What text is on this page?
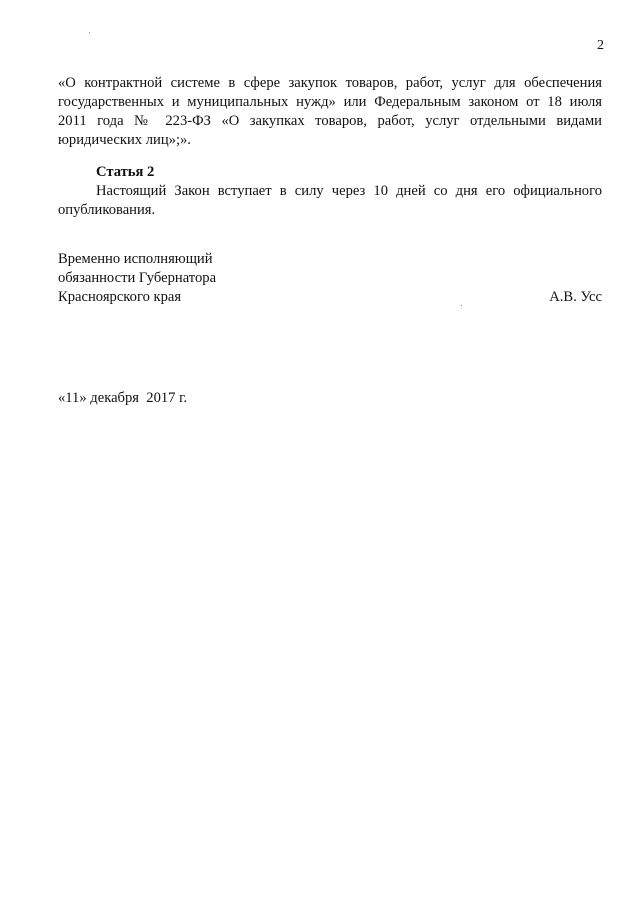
2
«О контрактной системе в сфере закупок товаров, работ, услуг для обеспечения
государственных и муниципальных нужд» или Федеральным законом от 18 июля
2011 года № 223-ФЗ «О закупках товаров, работ, услуг отдельными видами
юридических лиц»;».
Статья 2
Настоящий Закон вступает в силу через 10 дней со дня его официального
опубликования.
Временно исполняющий
обязанности Губернатора
Красноярского края	А.В. Усс
«11» декабря  2017 г.
